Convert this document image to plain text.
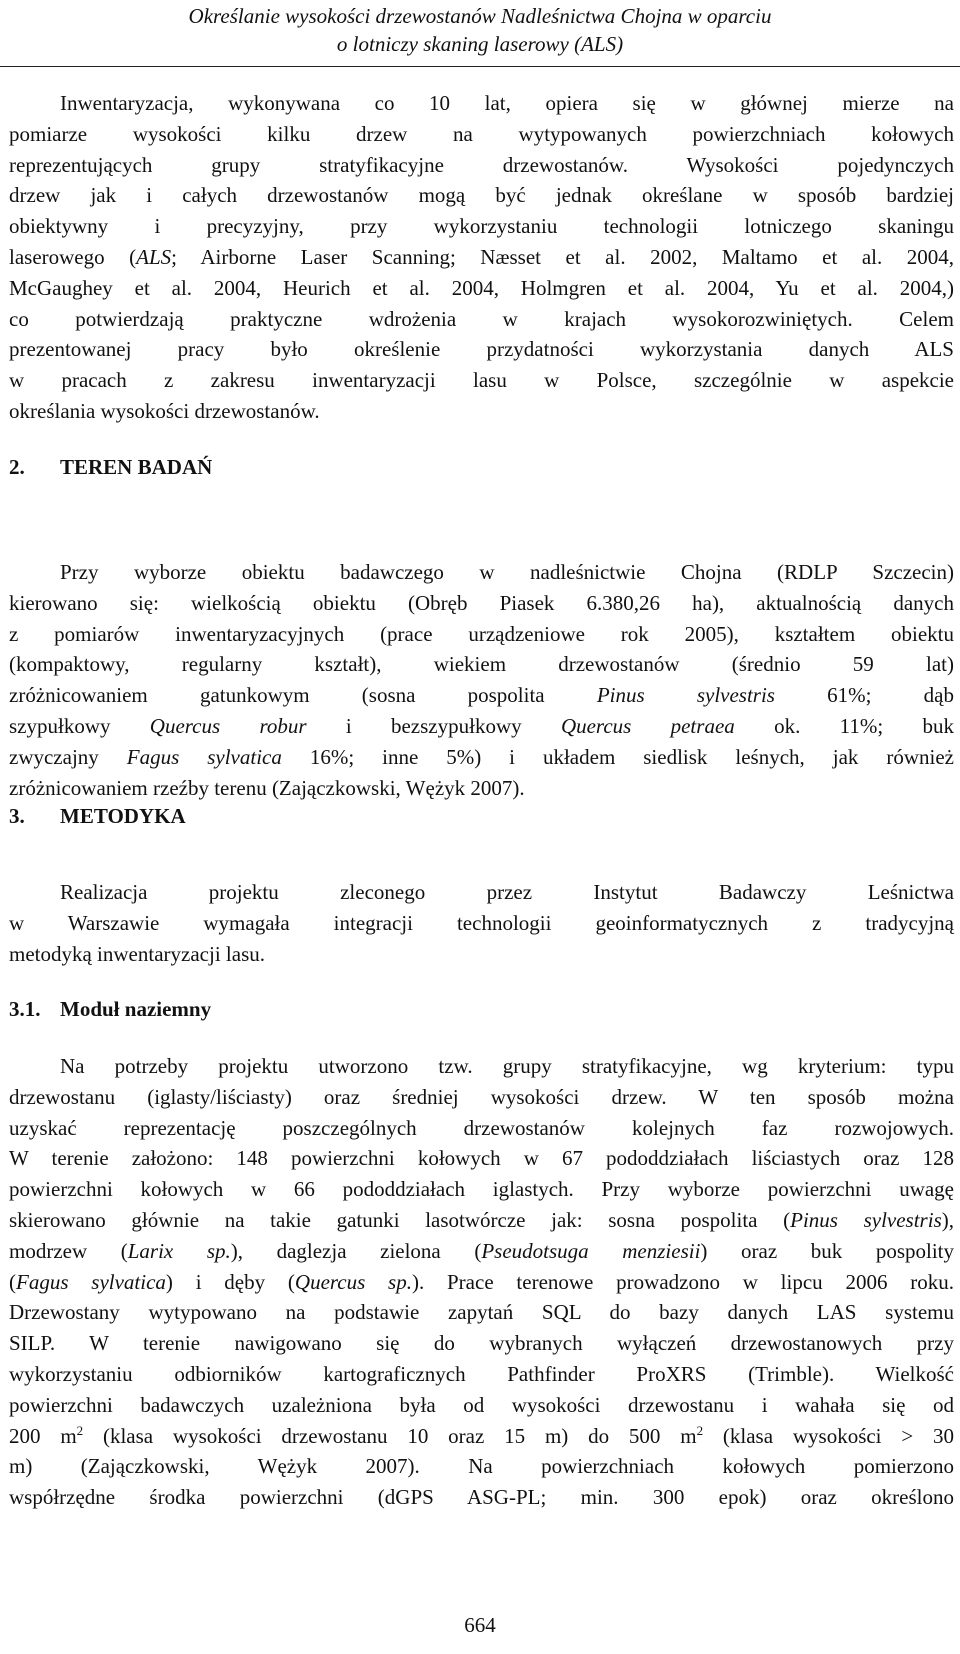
Określanie wysokości drzewostanów Nadleśnictwa Chojna w oparciu
o lotniczy skaning laserowy (ALS)
Inwentaryzacja, wykonywana co 10 lat, opiera się w głównej mierze na
pomiarze wysokości kilku drzew na wytypowanych powierzchniach kołowych
reprezentujących grupy stratyfikacyjne drzewostanów. Wysokości pojedynczych
drzew jak i całych drzewostanów mogą być jednak określane w sposób bardziej
obiektywny i precyzyjny, przy wykorzystaniu technologii lotniczego skaningu
laserowego (ALS; Airborne Laser Scanning; Næsset et al. 2002, Maltamo et al. 2004,
McGaughey et al. 2004, Heurich et al. 2004, Holmgren et al. 2004, Yu et al. 2004,)
co potwierdzają praktyczne wdrożenia w krajach wysokorozwiniętych. Celem
prezentowanej pracy było określenie przydatności wykorzystania danych ALS
w pracach z zakresu inwentaryzacji lasu w Polsce, szczególnie w aspekcie
określania wysokości drzewostanów.
2. TEREN BADAŃ
Przy wyborze obiektu badawczego w nadleśnictwie Chojna (RDLP Szczecin)
kierowano się: wielkością obiektu (Obręb Piasek 6.380,26 ha), aktualnością danych
z pomiarów inwentaryzacyjnych (prace urządzeniowe rok 2005), kształtem obiektu
(kompaktowy, regularny kształt), wiekiem drzewostanów (średnio 59 lat)
zróżnicowaniem gatunkowym (sosna pospolita Pinus sylvestris 61%; dąb
szypułkowy Quercus robur i bezszypułkowy Quercus petraea ok. 11%; buk
zwyczajny Fagus sylvatica 16%; inne 5%) i układem siedlisk leśnych, jak również
zróżnicowaniem rzeźby terenu (Zajączkowski, Wężyk 2007).
3. METODYKA
Realizacja projektu zleconego przez Instytut Badawczy Leśnictwa
w Warszawie wymagała integracji technologii geoinformatycznych z tradycyjną
metodyką inwentaryzacji lasu.
3.1. Moduł naziemny
Na potrzeby projektu utworzono tzw. grupy stratyfikacyjne, wg kryterium: typu
drzewostanu (iglasty/liściasty) oraz średniej wysokości drzew. W ten sposób można
uzyskać reprezentację poszczególnych drzewostanów kolejnych faz rozwojowych.
W terenie założono: 148 powierzchni kołowych w 67 pododdziałach liściastych oraz 128
powierzchni kołowych w 66 pododdziałach iglastych. Przy wyborze powierzchni uwagę
skierowano głównie na takie gatunki lasotwórcze jak: sosna pospolita (Pinus sylvestris),
modrzew (Larix sp.), daglezja zielona (Pseudotsuga menziesii) oraz buk pospolity
(Fagus sylvatica) i dęby (Quercus sp.). Prace terenowe prowadzono w lipcu 2006 roku.
Drzewostany wytypowano na podstawie zapytań SQL do bazy danych LAS systemu
SILP. W terenie nawigowano się do wybranych wyłączeń drzewostanowych przy
wykorzystaniu odbiorników kartograficznych Pathfinder ProXRS (Trimble). Wielkość
powierzchni badawczych uzależniona była od wysokości drzewostanu i wahała się od
200 $m^2$ (klasa wysokości drzewostanu 10 oraz 15 m) do 500 $m^2$ (klasa wysokości > 30
m) (Zajączkowski, Wężyk 2007). Na powierzchniach kołowych pomierzono
współrzędne środka powierzchni (dGPS ASG-PL; min. 300 epok) oraz określono
664
